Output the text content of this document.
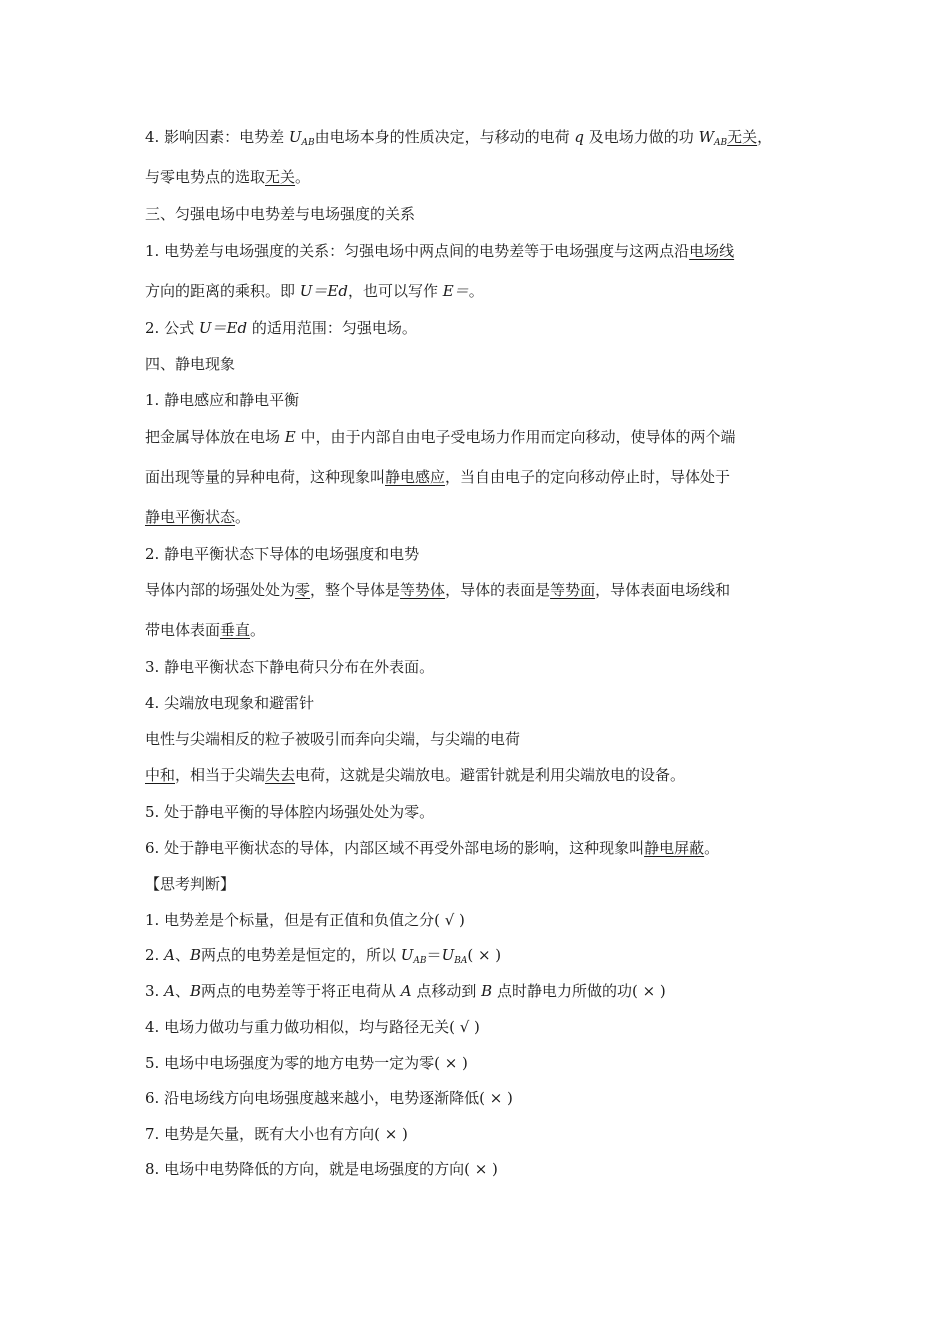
4. 影响因素：电势差 $U_{AB}$由电场本身的性质决定，与移动的电荷 q 及电场力做的功 $W_{AB}$无关，
与零电势点的选取无关。
三、匀强电场中电势差与电场强度的关系
1. 电势差与电场强度的关系：匀强电场中两点间的电势差等于电场强度与这两点沿电场线
方向的距离的乘积。即 U＝Ed，也可以写作 E＝。
2. 公式 U＝Ed 的适用范围：匀强电场。
四、静电现象
1. 静电感应和静电平衡
把金属导体放在电场 E 中，由于内部自由电子受电场力作用而定向移动，使导体的两个端
面出现等量的异种电荷，这种现象叫静电感应，当自由电子的定向移动停止时，导体处于
静电平衡状态。
2. 静电平衡状态下导体的电场强度和电势
导体内部的场强处处为零，整个导体是等势体，导体的表面是等势面，导体表面电场线和
带电体表面垂直。
3. 静电平衡状态下静电荷只分布在外表面。
4. 尖端放电现象和避雷针
电性与尖端相反的粒子被吸引而奔向尖端，与尖端的电荷
中和，相当于尖端失去电荷，这就是尖端放电。避雷针就是利用尖端放电的设备。
5. 处于静电平衡的导体腔内场强处处为零。
6. 处于静电平衡状态的导体，内部区域不再受外部电场的影响，这种现象叫静电屏蔽。
【思考判断】
1. 电势差是个标量，但是有正值和负值之分( √ )
2. A、B两点的电势差是恒定的，所以 $U_{AB}=U_{BA}$( × )
3. A、B两点的电势差等于将正电荷从 A 点移动到 B 点时静电力所做的功( × )
4. 电场力做功与重力做功相似，均与路径无关( √ )
5. 电场中电场强度为零的地方电势一定为零( × )
6. 沿电场线方向电场强度越来越小，电势逐渐降低( × )
7. 电势是矢量，既有大小也有方向( × )
8. 电场中电势降低的方向，就是电场强度的方向( × )
